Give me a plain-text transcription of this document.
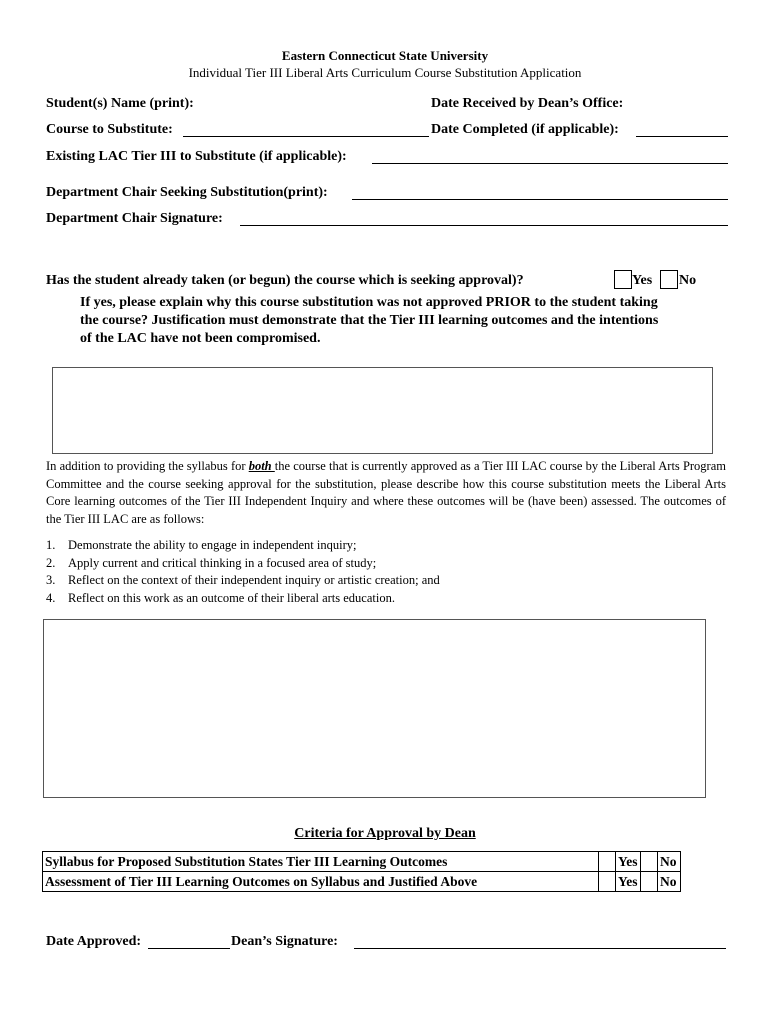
Eastern Connecticut State University
Individual Tier III Liberal Arts Curriculum Course Substitution Application
Student(s) Name (print):	Date Received by Dean’s Office:
Course to Substitute:	Date Completed (if applicable):
Existing LAC Tier III to Substitute (if applicable):
Department Chair Seeking Substitution(print):
Department Chair Signature:
Has the student already taken (or begun) the course which is seeking approval)?	Yes No
If yes, please explain why this course substitution was not approved PRIOR to the student taking
the course? Justification must demonstrate that the Tier III learning outcomes and the intentions
of the LAC have not been compromised.
In addition to providing the syllabus for both the course that is currently approved as a Tier III LAC course by the Liberal Arts Program Committee and the course seeking approval for the substitution, please describe how this course substitution meets the Liberal Arts Core learning outcomes of the Tier III Independent Inquiry and where these outcomes will be (have been) assessed. The outcomes of the Tier III LAC are as follows:
1. Demonstrate the ability to engage in independent inquiry;
2. Apply current and critical thinking in a focused area of study;
3. Reflect on the context of their independent inquiry or artistic creation; and
4. Reflect on this work as an outcome of their liberal arts education.
Criteria for Approval by Dean
Syllabus for Proposed Substitution States Tier III Learning Outcomes		Yes		No
Assessment of Tier III Learning Outcomes on Syllabus and Justified Above		Yes		No
Date Approved:	Dean’s Signature:
